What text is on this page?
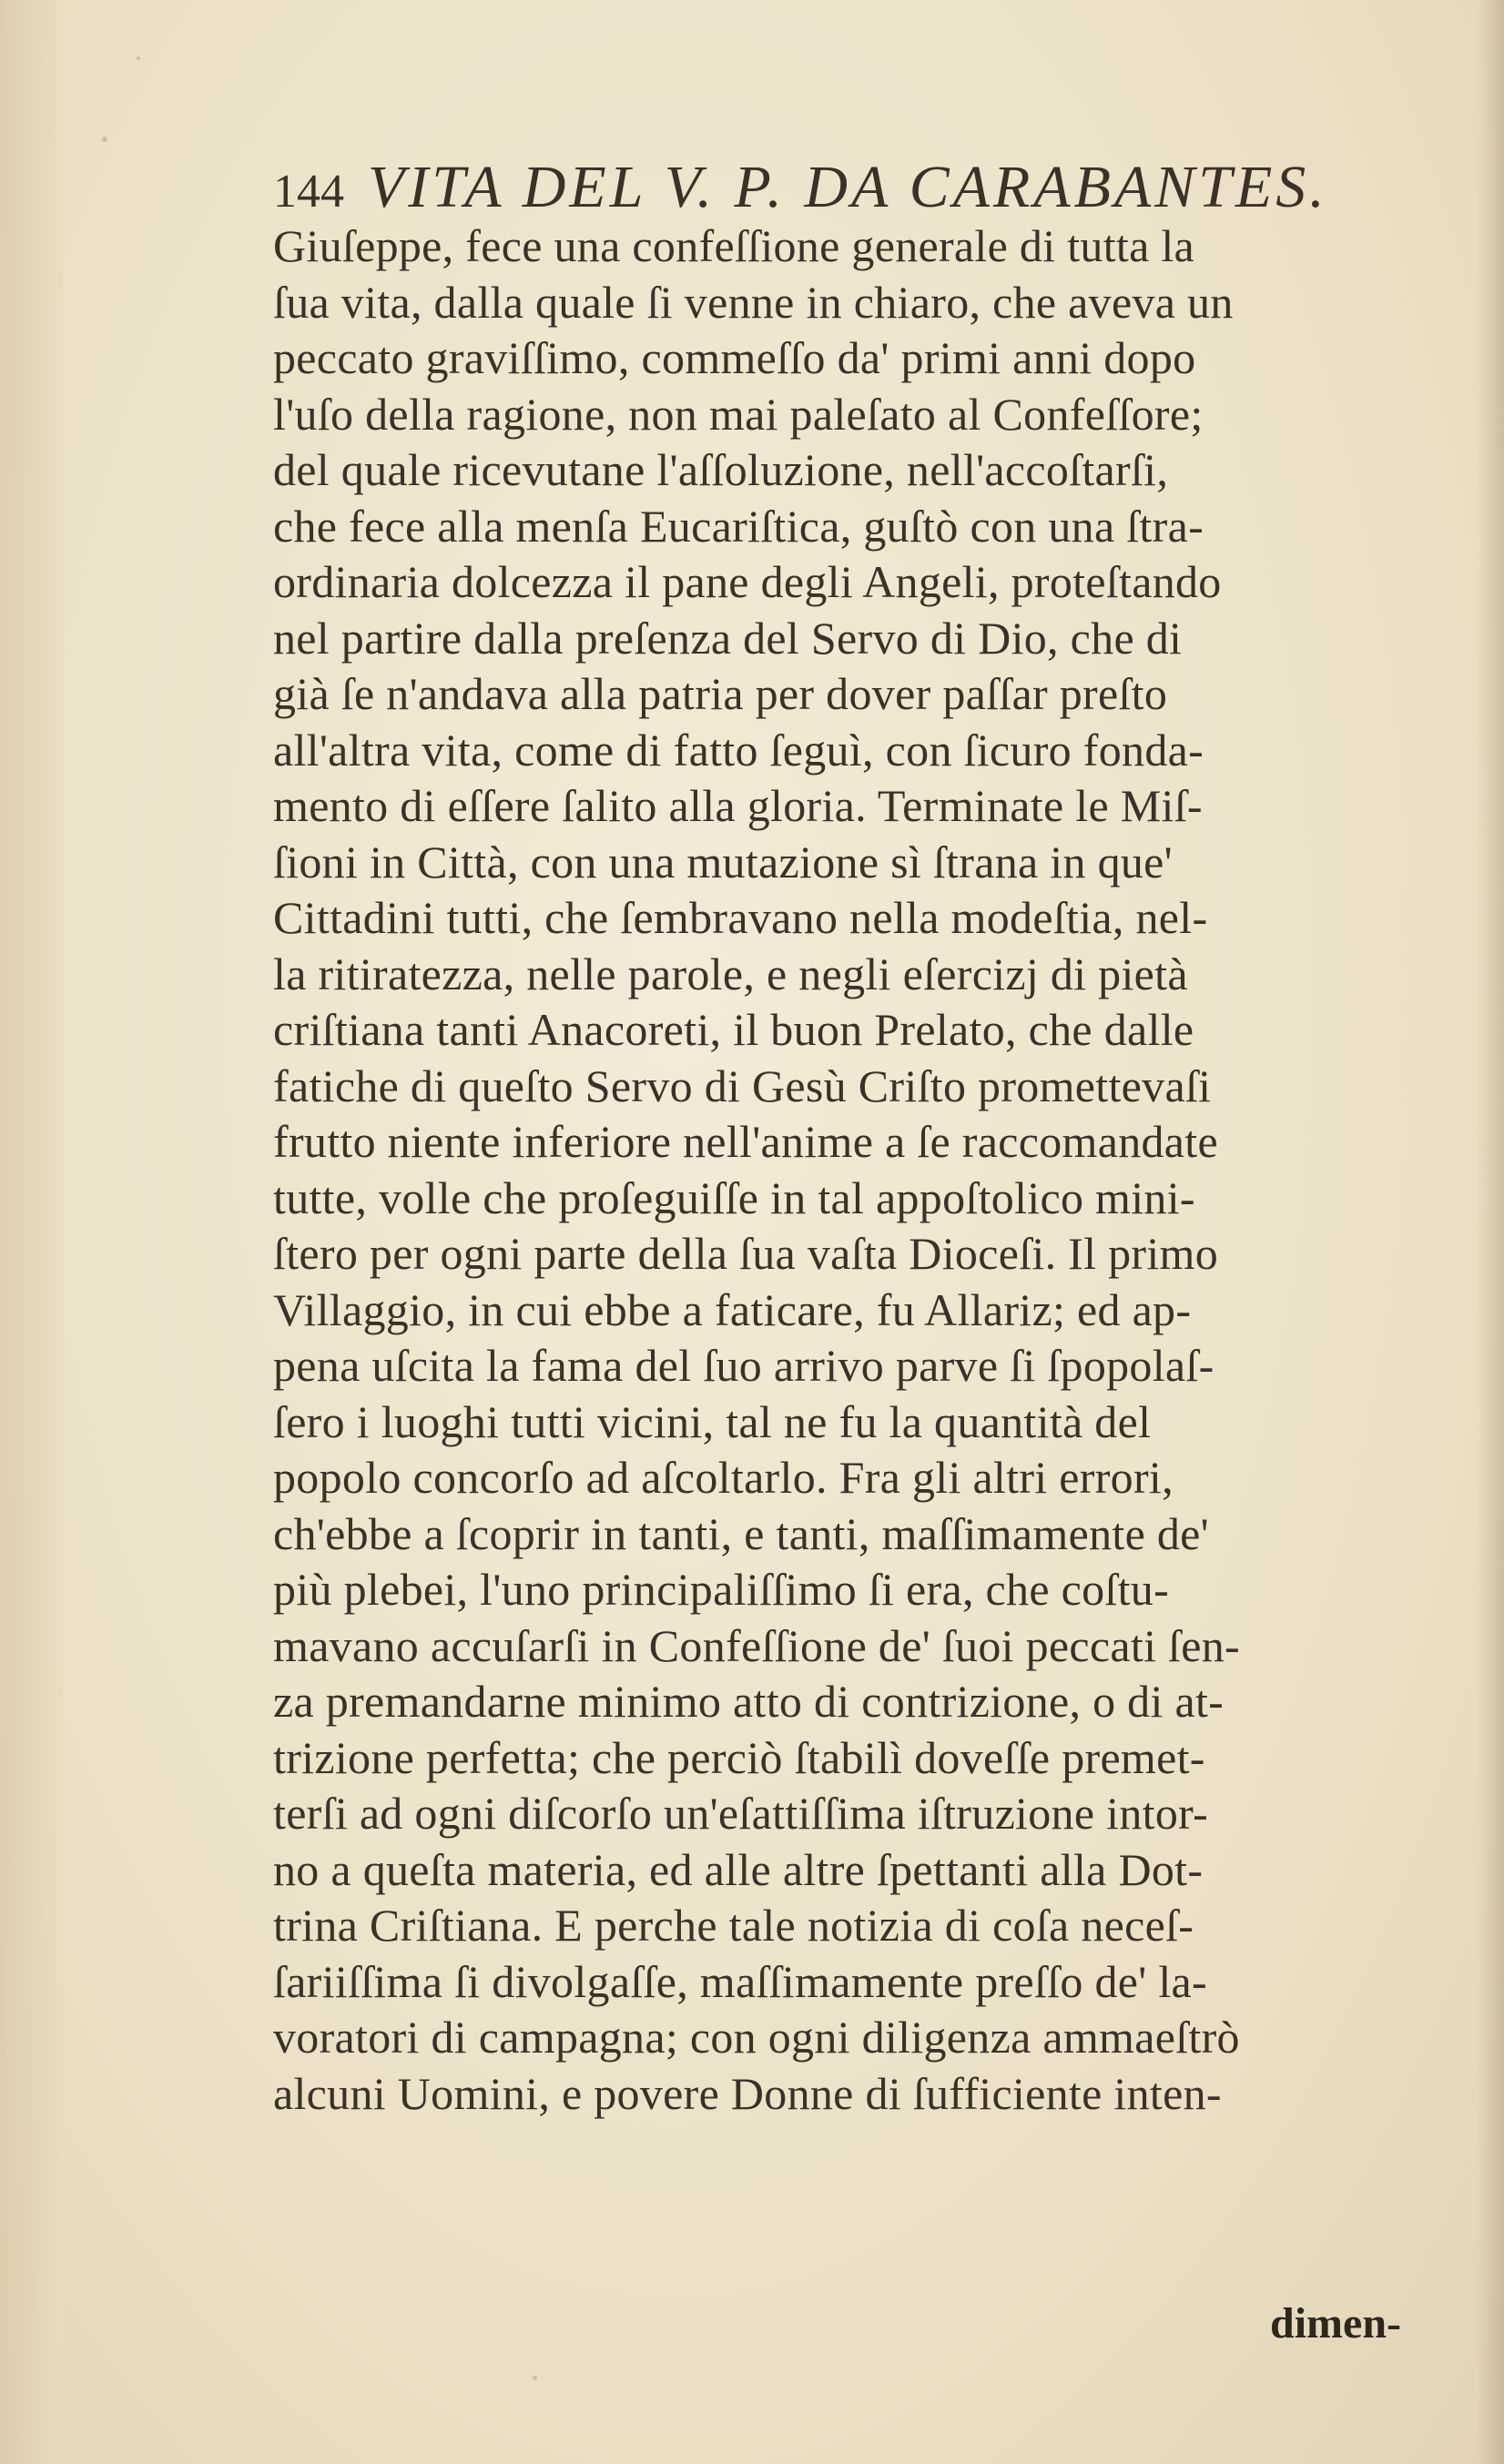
144 VITA DEL V. P. DA CARABANTES.
Giuſeppe, fece una confeſſione generale di tutta la
ſua vita, dalla quale ſi venne in chiaro, che aveva un
peccato graviſſimo, commeſſo da' primi anni dopo
l'uſo della ragione, non mai paleſato al Confeſſore;
del quale ricevutane l'aſſoluzione, nell'accoſtarſi,
che fece alla menſa Eucariſtica, guſtò con una ſtra-
ordinaria dolcezza il pane degli Angeli, proteſtando
nel partire dalla preſenza del Servo di Dio, che di
già ſe n'andava alla patria per dover paſſar preſto
all'altra vita, come di fatto ſeguì, con ſicuro fonda-
mento di eſſere ſalito alla gloria. Terminate le Miſ-
ſioni in Città, con una mutazione sì ſtrana in que'
Cittadini tutti, che ſembravano nella modeſtia, nel-
la ritiratezza, nelle parole, e negli eſercizj di pietà
criſtiana tanti Anacoreti, il buon Prelato, che dalle
fatiche di queſto Servo di Gesù Criſto promettevaſi
frutto niente inferiore nell'anime a ſe raccomandate
tutte, volle che proſeguiſſe in tal appoſtolico mini-
ſtero per ogni parte della ſua vaſta Dioceſi. Il primo
Villaggio, in cui ebbe a faticare, fu Allariz; ed ap-
pena uſcita la fama del ſuo arrivo parve ſi ſpopolaſ-
ſero i luoghi tutti vicini, tal ne fu la quantità del
popolo concorſo ad aſcoltarlo. Fra gli altri errori,
ch'ebbe a ſcoprir in tanti, e tanti, maſſimamente de'
più plebei, l'uno principaliſſimo ſi era, che coſtu-
mavano accuſarſi in Confeſſione de' ſuoi peccati ſen-
za premandarne minimo atto di contrizione, o di at-
trizione perfetta; che perciò ſtabilì doveſſe premet-
terſi ad ogni diſcorſo un'eſattiſſima iſtruzione intor-
no a queſta materia, ed alle altre ſpettanti alla Dot-
trina Criſtiana. E perche tale notizia di coſa neceſ-
ſariiſſima ſi divolgaſſe, maſſimamente preſſo de' la-
voratori di campagna; con ogni diligenza ammaeſtrò
alcuni Uomini, e povere Donne di ſufficiente inten-
dimen-
